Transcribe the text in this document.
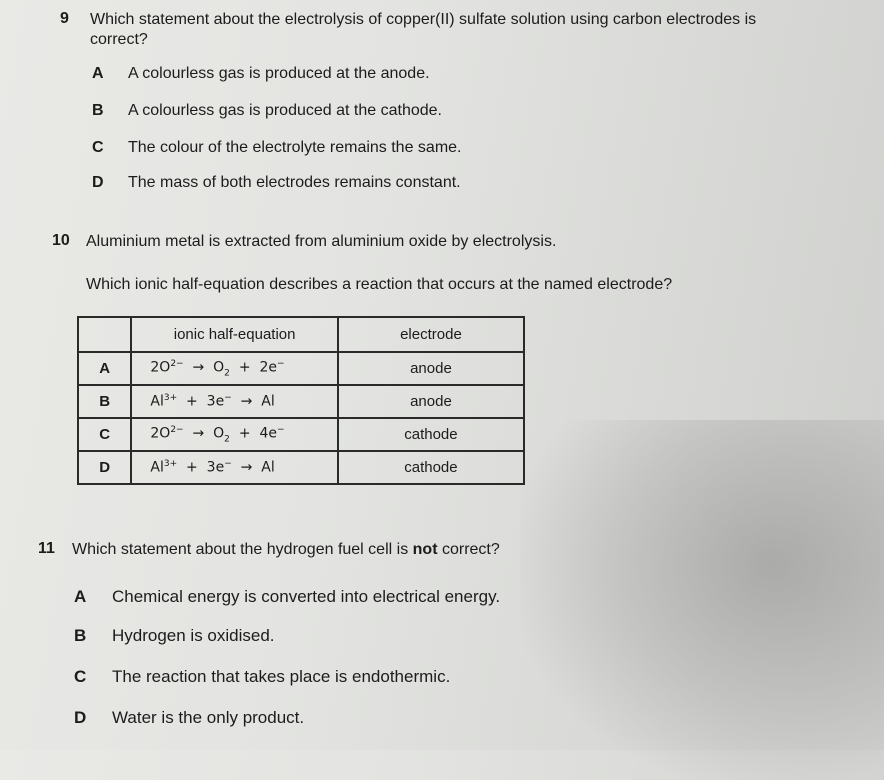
9 Which statement about the electrolysis of copper(II) sulfate solution using carbon electrodes is
correct?
A A colourless gas is produced at the anode.
B A colourless gas is produced at the cathode.
C The colour of the electrolyte remains the same.
D The mass of both electrodes remains constant.
10 Aluminium metal is extracted from aluminium oxide by electrolysis.
Which ionic half-equation describes a reaction that occurs at the named electrode?
	ionic half-equation	electrode
A	$2O^{2-} \to O_2 + 2e^-$	anode
B	$Al^{3+} + 3e^- \to Al$	anode
C	$2O^{2-} \to O_2 + 4e^-$	cathode
D	$Al^{3+} + 3e^- \to Al$	cathode
11 Which statement about the hydrogen fuel cell is not correct?
A Chemical energy is converted into electrical energy.
B Hydrogen is oxidised.
C The reaction that takes place is endothermic.
D Water is the only product.
